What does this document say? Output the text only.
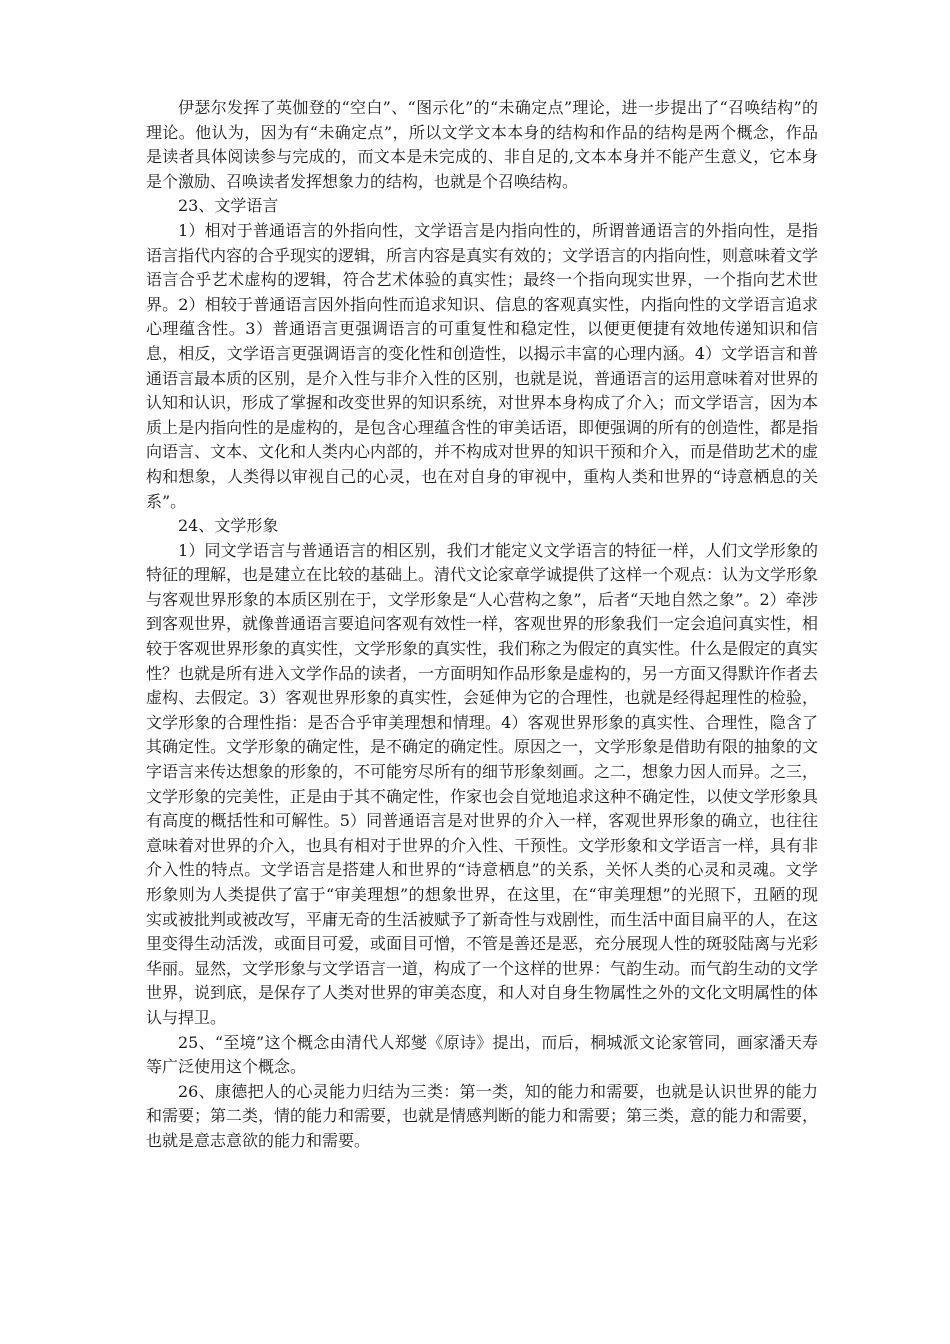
伊瑟尔发挥了英伽登的“空白”、“图示化”的“未确定点”理论，进一步提出了“召唤结构”的理论。他认为，因为有“未确定点”，所以文学文本本身的结构和作品的结构是两个概念，作品是读者具体阅读参与完成的，而文本是未完成的、非自足的,文本本身并不能产生意义，它本身是个激励、召唤读者发挥想象力的结构，也就是个召唤结构。

23、文学语言

1）相对于普通语言的外指向性，文学语言是内指向性的，所谓普通语言的外指向性，是指语言指代内容的合乎现实的逻辑，所言内容是真实有效的；文学语言的内指向性，则意味着文学语言合乎艺术虚构的逻辑，符合艺术体验的真实性；最终一个指向现实世界，一个指向艺术世界。2）相较于普通语言因外指向性而追求知识、信息的客观真实性，内指向性的文学语言追求心理蕴含性。3）普通语言更强调语言的可重复性和稳定性，以便更便捷有效地传递知识和信息，相反，文学语言更强调语言的变化性和创造性，以揭示丰富的心理内涵。4）文学语言和普通语言最本质的区别，是介入性与非介入性的区别，也就是说，普通语言的运用意味着对世界的认知和认识，形成了掌握和改变世界的知识系统，对世界本身构成了介入；而文学语言，因为本质上是内指向性的是虚构的，是包含心理蕴含性的审美话语，即便强调的所有的创造性，都是指向语言、文本、文化和人类内心内部的，并不构成对世界的知识干预和介入，而是借助艺术的虚构和想象，人类得以审视自己的心灵，也在对自身的审视中，重构人类和世界的“诗意栖息的关系”。

24、文学形象

1）同文学语言与普通语言的相区别，我们才能定义文学语言的特征一样，人们文学形象的特征的理解，也是建立在比较的基础上。清代文论家章学诚提供了这样一个观点：认为文学形象与客观世界形象的本质区别在于，文学形象是“人心营构之象”，后者“天地自然之象”。2）牵涉到客观世界，就像普通语言要追问客观有效性一样，客观世界的形象我们一定会追问真实性，相较于客观世界形象的真实性，文学形象的真实性，我们称之为假定的真实性。什么是假定的真实性？也就是所有进入文学作品的读者，一方面明知作品形象是虚构的，另一方面又得默许作者去虚构、去假定。3）客观世界形象的真实性，会延伸为它的合理性，也就是经得起理性的检验，文学形象的合理性指：是否合乎审美理想和情理。4）客观世界形象的真实性、合理性，隐含了其确定性。文学形象的确定性，是不确定的确定性。原因之一，文学形象是借助有限的抽象的文字语言来传达想象的形象的，不可能穷尽所有的细节形象刻画。之二，想象力因人而异。之三，文学形象的完美性，正是由于其不确定性，作家也会自觉地追求这种不确定性，以使文学形象具有高度的概括性和可解性。5）同普通语言是对世界的介入一样，客观世界形象的确立，也往往意味着对世界的介入，也具有相对于世界的介入性、干预性。文学形象和文学语言一样，具有非介入性的特点。文学语言是搭建人和世界的“诗意栖息”的关系，关怀人类的心灵和灵魂。文学形象则为人类提供了富于“审美理想”的想象世界，在这里，在“审美理想”的光照下，丑陋的现实或被批判或被改写，平庸无奇的生活被赋予了新奇性与戏剧性，而生活中面目扁平的人，在这里变得生动活泼，或面目可爱，或面目可憎，不管是善还是恶，充分展现人性的斑驳陆离与光彩华丽。显然，文学形象与文学语言一道，构成了一个这样的世界：气韵生动。而气韵生动的文学世界，说到底，是保存了人类对世界的审美态度，和人对自身生物属性之外的文化文明属性的体认与捍卫。

25、“至境”这个概念由清代人郑燮《原诗》提出，而后，桐城派文论家管同，画家潘天寿等广泛使用这个概念。

26、康德把人的心灵能力归结为三类：第一类，知的能力和需要，也就是认识世界的能力和需要；第二类，情的能力和需要，也就是情感判断的能力和需要；第三类，意的能力和需要，也就是意志意欲的能力和需要。
